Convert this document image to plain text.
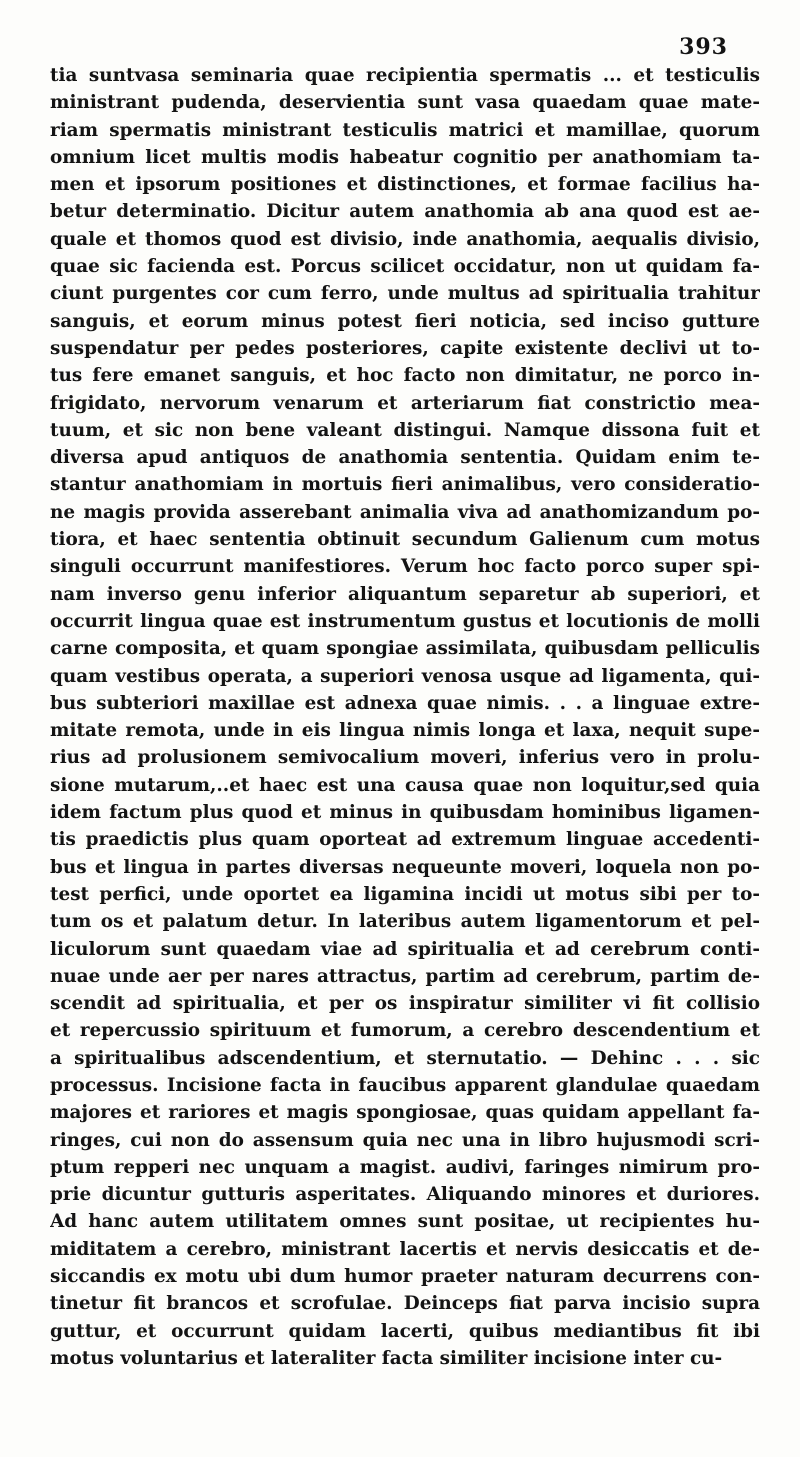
393
tia suntvasa seminaria quae recipientia spermatis ... et testiculis
ministrant pudenda, deservientia sunt vasa quaedam quae mate-
riam spermatis ministrant testiculis matrici et mamillae, quorum
omnium licet multis modis habeatur cognitio per anathomiam ta-
men et ipsorum positiones et distinctiones, et formae facilius ha-
betur determinatio. Dicitur autem anathomia ab ana quod est ae-
quale et thomos quod est divisio, inde anathomia, aequalis divisio,
quae sic facienda est. Porcus scilicet occidatur, non ut quidam fa-
ciunt purgentes cor cum ferro, unde multus ad spiritualia trahitur
sanguis, et eorum minus potest fieri noticia, sed inciso gutture
suspendatur per pedes posteriores, capite existente declivi ut to-
tus fere emanet sanguis, et hoc facto non dimitatur, ne porco in-
frigidato, nervorum venarum et arteriarum fiat constrictio mea-
tuum, et sic non bene valeant distingui. Namque dissona fuit et
diversa apud antiquos de anathomia sententia. Quidam enim te-
stantur anathomiam in mortuis fieri animalibus, vero consideratio-
ne magis provida asserebant animalia viva ad anathomizandum po-
tiora, et haec sententia obtinuit secundum Galienum cum motus
singuli occurrunt manifestiores. Verum hoc facto porco super spi-
nam inverso genu inferior aliquantum separetur ab superiori, et
occurrit lingua quae est instrumentum gustus et locutionis de molli
carne composita, et quam spongiae assimilata, quibusdam pelliculis
quam vestibus operata, a superiori venosa usque ad ligamenta, qui-
bus subteriori maxillae est adnexa quae nimis. . . a linguae extre-
mitate remota, unde in eis lingua nimis longa et laxa, nequit supe-
rius ad prolusionem semivocalium moveri, inferius vero in prolu-
sione mutarum,..et haec est una causa quae non loquitur,sed quia
idem factum plus quod et minus in quibusdam hominibus ligamen-
tis praedictis plus quam oporteat ad extremum linguae accedenti-
bus et lingua in partes diversas nequeunte moveri, loquela non po-
test perfici, unde oportet ea ligamina incidi ut motus sibi per to-
tum os et palatum detur. In lateribus autem ligamentorum et pel-
liculorum sunt quaedam viae ad spiritualia et ad cerebrum conti-
nuae unde aer per nares attractus, partim ad cerebrum, partim de-
scendit ad spiritualia, et per os inspiratur similiter vi fit collisio
et repercussio spirituum et fumorum, a cerebro descendentium et
a spiritualibus adscendentium, et sternutatio. — Dehinc . . . sic
processus. Incisione facta in faucibus apparent glandulae quaedam
majores et rariores et magis spongiosae, quas quidam appellant fa-
ringes, cui non do assensum quia nec una in libro hujusmodi scri-
ptum repperi nec unquam a magist. audivi, faringes nimirum pro-
prie dicuntur gutturis asperitates. Aliquando minores et duriores.
Ad hanc autem utilitatem omnes sunt positae, ut recipientes hu-
miditatem a cerebro, ministrant lacertis et nervis desiccatis et de-
siccandis ex motu ubi dum humor praeter naturam decurrens con-
tinetur fit brancos et scrofulae. Deinceps fiat parva incisio supra
guttur, et occurrunt quidam lacerti, quibus mediantibus fit ibi
motus voluntarius et lateraliter facta similiter incisione inter cu-
